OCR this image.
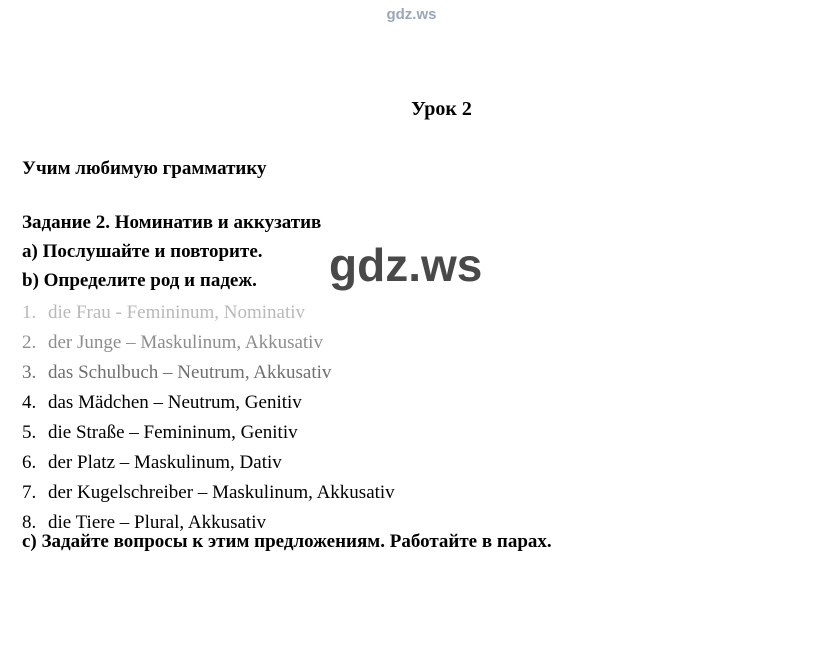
gdz.ws
Урок 2
Учим любимую грамматику
Задание 2. Номинатив и аккузатив
a) Послушайте и повторите.
b) Определите род и падеж.
1. die Frau - Femininum, Nominativ
2. der Junge – Maskulinum, Akkusativ
3. das Schulbuch – Neutrum, Akkusativ
4. das Mädchen – Neutrum, Genitiv
5. die Straße – Femininum, Genitiv
6. der Platz – Maskulinum, Dativ
7. der Kugelschreiber – Maskulinum, Akkusativ
8. die Tiere – Plural, Akkusativ
c) Задайте вопросы к этим предложениям. Работайте в парах.
gdz.ws
